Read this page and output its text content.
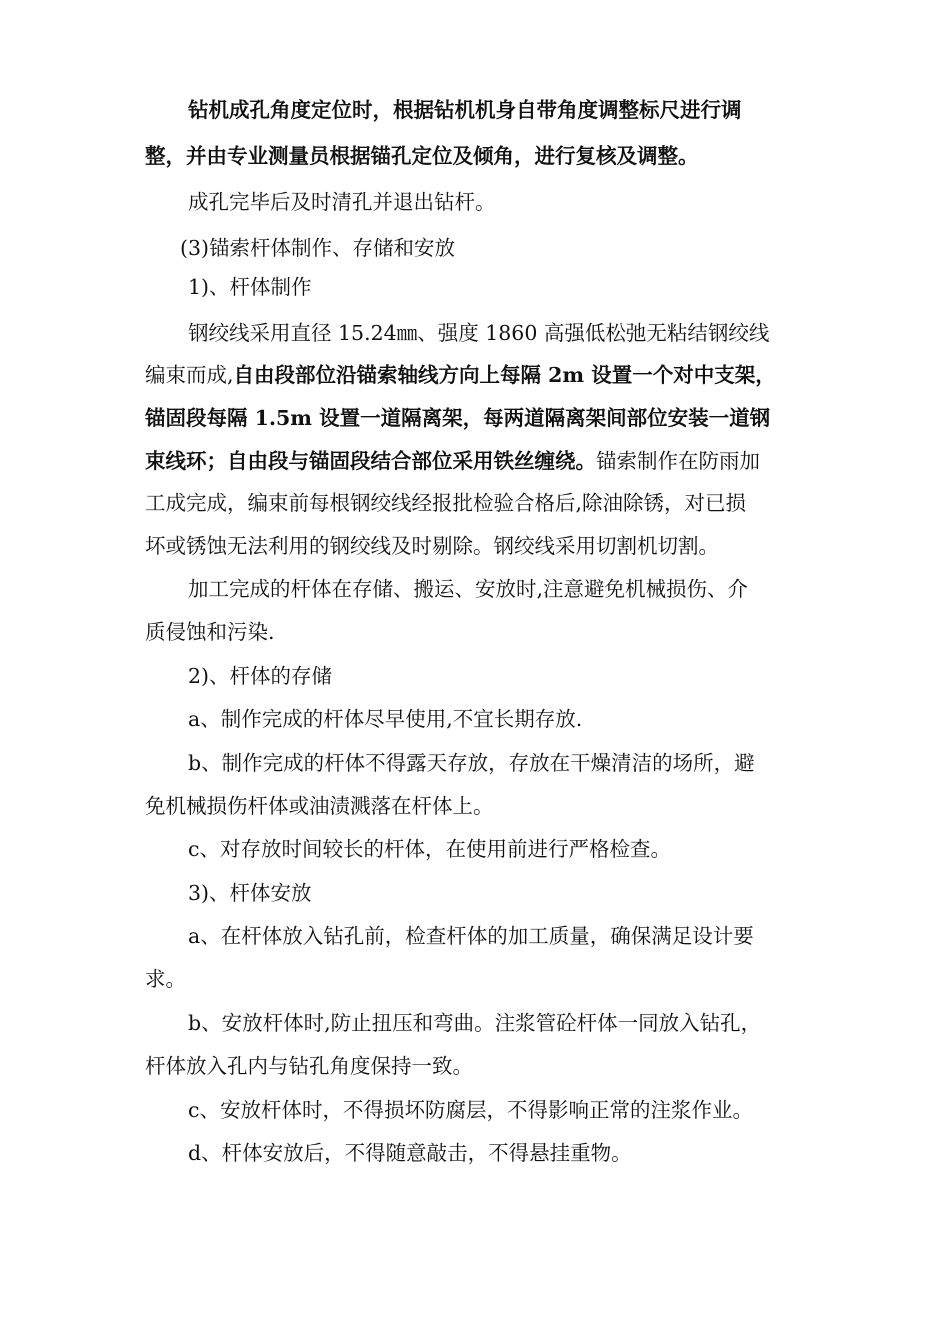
钻机成孔角度定位时，根据钻机机身自带角度调整标尺进行调
整，并由专业测量员根据锚孔定位及倾角，进行复核及调整。
成孔完毕后及时清孔并退出钻杆。
(3)锚索杆体制作、存储和安放
1)、杆体制作
钢绞线采用直径 15.24㎜、强度 1860 高强低松弛无粘结钢绞线
编束而成,自由段部位沿锚索轴线方向上每隔 2m 设置一个对中支架，
锚固段每隔 1.5m 设置一道隔离架，每两道隔离架间部位安装一道钢
束线环；自由段与锚固段结合部位采用铁丝缠绕。锚索制作在防雨加
工成完成，编束前每根钢绞线经报批检验合格后,除油除锈，对已损
坏或锈蚀无法利用的钢绞线及时剔除。钢绞线采用切割机切割。
加工完成的杆体在存储、搬运、安放时,注意避免机械损伤、介
质侵蚀和污染.
2)、杆体的存储
a、制作完成的杆体尽早使用,不宜长期存放.
b、制作完成的杆体不得露天存放，存放在干燥清洁的场所，避
免机械损伤杆体或油渍溅落在杆体上。
c、对存放时间较长的杆体，在使用前进行严格检查。
3)、杆体安放
a、在杆体放入钻孔前，检查杆体的加工质量，确保满足设计要
求。
b、安放杆体时,防止扭压和弯曲。注浆管砼杆体一同放入钻孔，
杆体放入孔内与钻孔角度保持一致。
c、安放杆体时，不得损坏防腐层，不得影响正常的注浆作业。
d、杆体安放后，不得随意敲击，不得悬挂重物。
